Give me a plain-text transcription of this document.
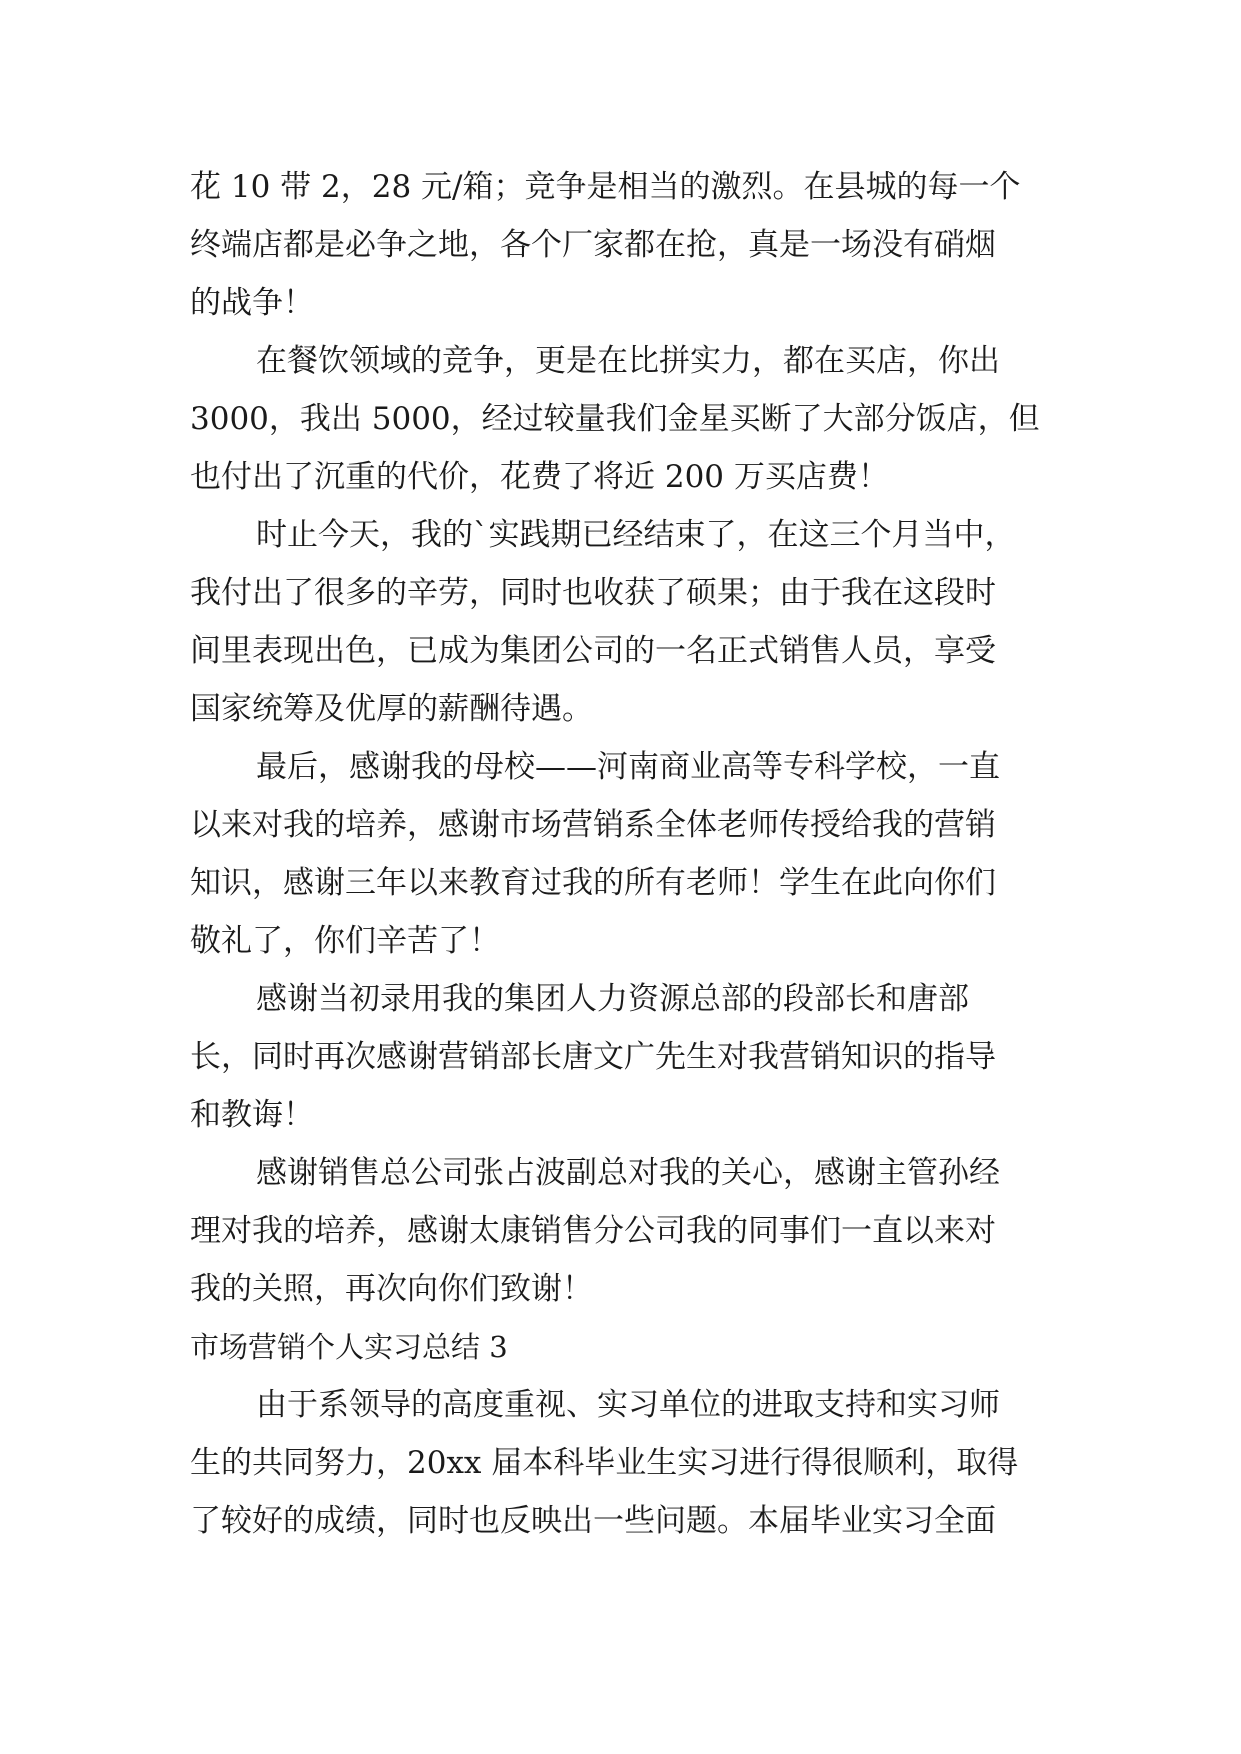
花 10 带 2，28 元/箱；竞争是相当的激烈。在县城的每一个
终端店都是必争之地，各个厂家都在抢，真是一场没有硝烟
的战争！
在餐饮领域的竞争，更是在比拼实力，都在买店，你出
3000，我出 5000，经过较量我们金星买断了大部分饭店，但
也付出了沉重的代价，花费了将近 200 万买店费！
时止今天，我的`实践期已经结束了，在这三个月当中，
我付出了很多的辛劳，同时也收获了硕果；由于我在这段时
间里表现出色，已成为集团公司的一名正式销售人员，享受
国家统筹及优厚的薪酬待遇。
最后，感谢我的母校——河南商业高等专科学校，一直
以来对我的培养，感谢市场营销系全体老师传授给我的营销
知识，感谢三年以来教育过我的所有老师！学生在此向你们
敬礼了，你们辛苦了！
感谢当初录用我的集团人力资源总部的段部长和唐部
长，同时再次感谢营销部长唐文广先生对我营销知识的指导
和教诲！
感谢销售总公司张占波副总对我的关心，感谢主管孙经
理对我的培养，感谢太康销售分公司我的同事们一直以来对
我的关照，再次向你们致谢！
市场营销个人实习总结 3
由于系领导的高度重视、实习单位的进取支持和实习师
生的共同努力，20xx 届本科毕业生实习进行得很顺利，取得
了较好的成绩，同时也反映出一些问题。本届毕业实习全面
